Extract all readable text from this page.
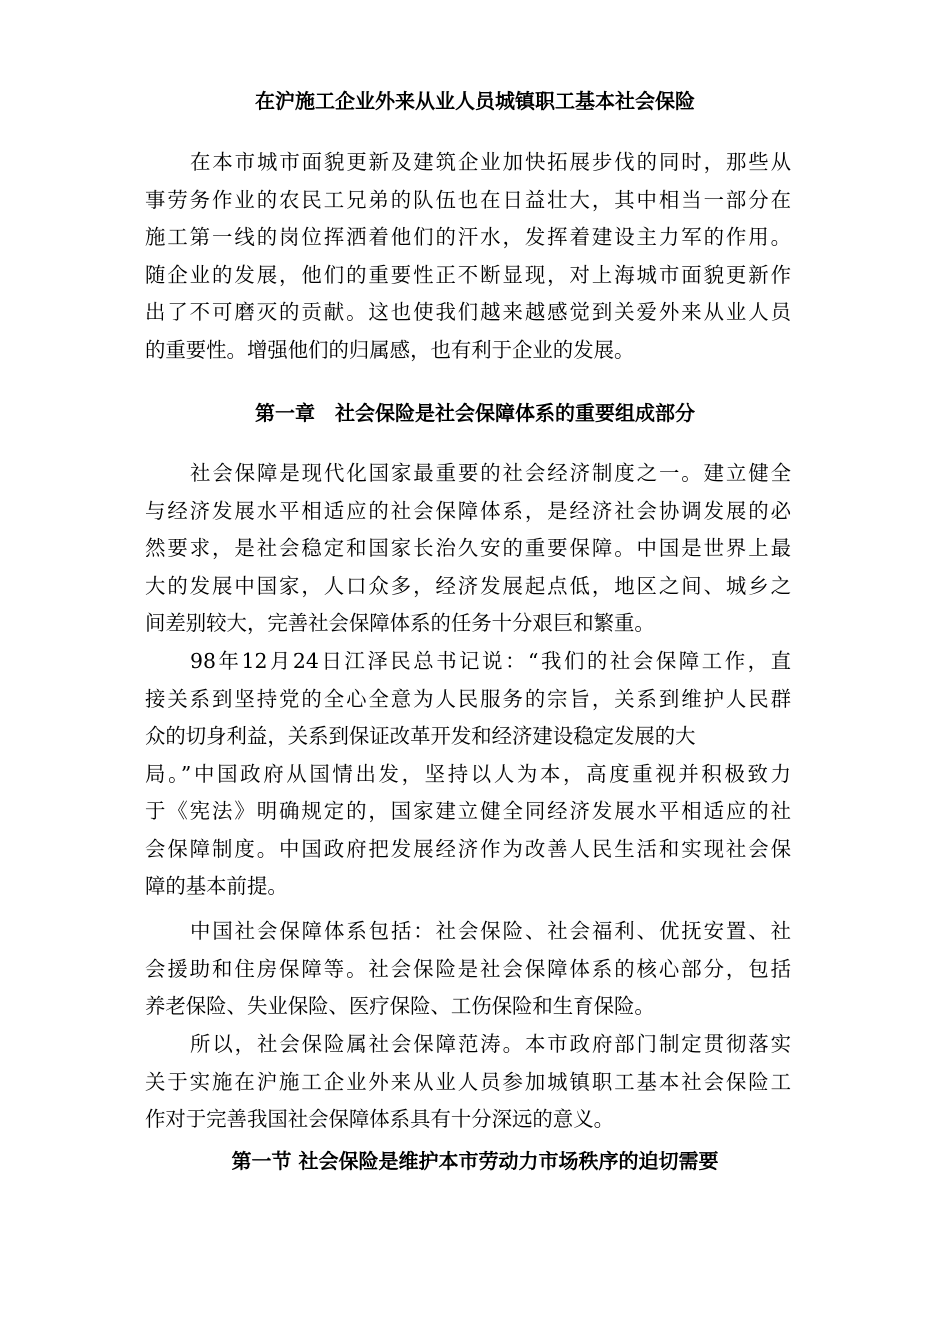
在沪施工企业外来从业人员城镇职工基本社会保险
在本市城市面貌更新及建筑企业加快拓展步伐的同时，那些从
事劳务作业的农民工兄弟的队伍也在日益壮大，其中相当一部分在
施工第一线的岗位挥洒着他们的汗水，发挥着建设主力军的作用。
随企业的发展，他们的重要性正不断显现，对上海城市面貌更新作
出了不可磨灭的贡献。这也使我们越来越感觉到关爱外来从业人员
的重要性。增强他们的归属感，也有利于企业的发展。
第一章　社会保险是社会保障体系的重要组成部分
社会保障是现代化国家最重要的社会经济制度之一。建立健全
与经济发展水平相适应的社会保障体系，是经济社会协调发展的必
然要求，是社会稳定和国家长治久安的重要保障。中国是世界上最
大的发展中国家，人口众多，经济发展起点低，地区之间、城乡之
间差别较大，完善社会保障体系的任务十分艰巨和繁重。
98年12月24日江泽民总书记说：“我们的社会保障工作，直
接关系到坚持党的全心全意为人民服务的宗旨，关系到维护人民群
众的切身利益，关系到保证改革开发和经济建设稳定发展的大
局。”中国政府从国情出发，坚持以人为本，高度重视并积极致力
于《宪法》明确规定的，国家建立健全同经济发展水平相适应的社
会保障制度。中国政府把发展经济作为改善人民生活和实现社会保
障的基本前提。
中国社会保障体系包括：社会保险、社会福利、优抚安置、社
会援助和住房保障等。社会保险是社会保障体系的核心部分，包括
养老保险、失业保险、医疗保险、工伤保险和生育保险。
所以，社会保险属社会保障范涛。本市政府部门制定贯彻落实
关于实施在沪施工企业外来从业人员参加城镇职工基本社会保险工
作对于完善我国社会保障体系具有十分深远的意义。
第一节 社会保险是维护本市劳动力市场秩序的迫切需要
